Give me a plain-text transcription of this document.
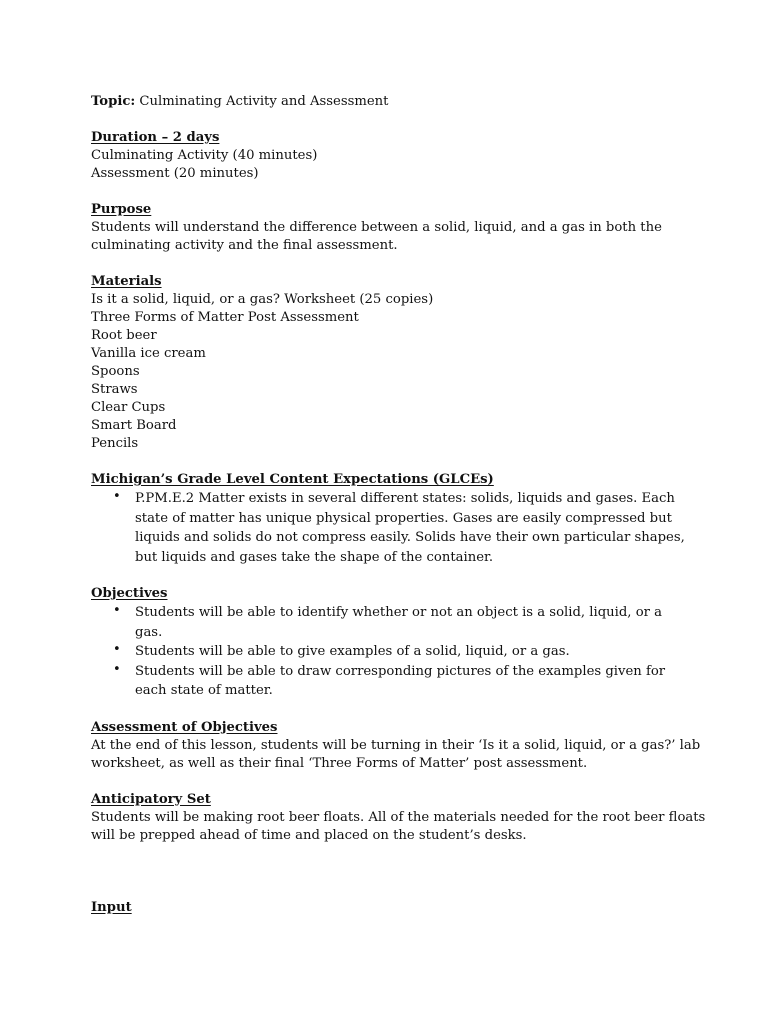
Topic: Culminating Activity and Assessment
Duration – 2 days
Culminating Activity (40 minutes)
Assessment (20 minutes)
Purpose
Students will understand the difference between a solid, liquid, and a gas in both the
culminating activity and the final assessment.
Materials
Is it a solid, liquid, or a gas? Worksheet (25 copies)
Three Forms of Matter Post Assessment
Root beer
Vanilla ice cream
Spoons
Straws
Clear Cups
Smart Board
Pencils
Michigan’s Grade Level Content Expectations (GLCEs)
• P.PM.E.2 Matter exists in several different states: solids, liquids and gases. Each state of matter has unique physical properties. Gases are easily compressed but liquids and solids do not compress easily. Solids have their own particular shapes, but liquids and gases take the shape of the container.
Objectives
• Students will be able to identify whether or not an object is a solid, liquid, or a gas.
• Students will be able to give examples of a solid, liquid, or a gas.
• Students will be able to draw corresponding pictures of the examples given for each state of matter.
Assessment of Objectives
At the end of this lesson, students will be turning in their ‘Is it a solid, liquid, or a gas?’ lab
worksheet, as well as their final ‘Three Forms of Matter’ post assessment.
Anticipatory Set
Students will be making root beer floats. All of the materials needed for the root beer floats
will be prepped ahead of time and placed on the student’s desks.
Input
